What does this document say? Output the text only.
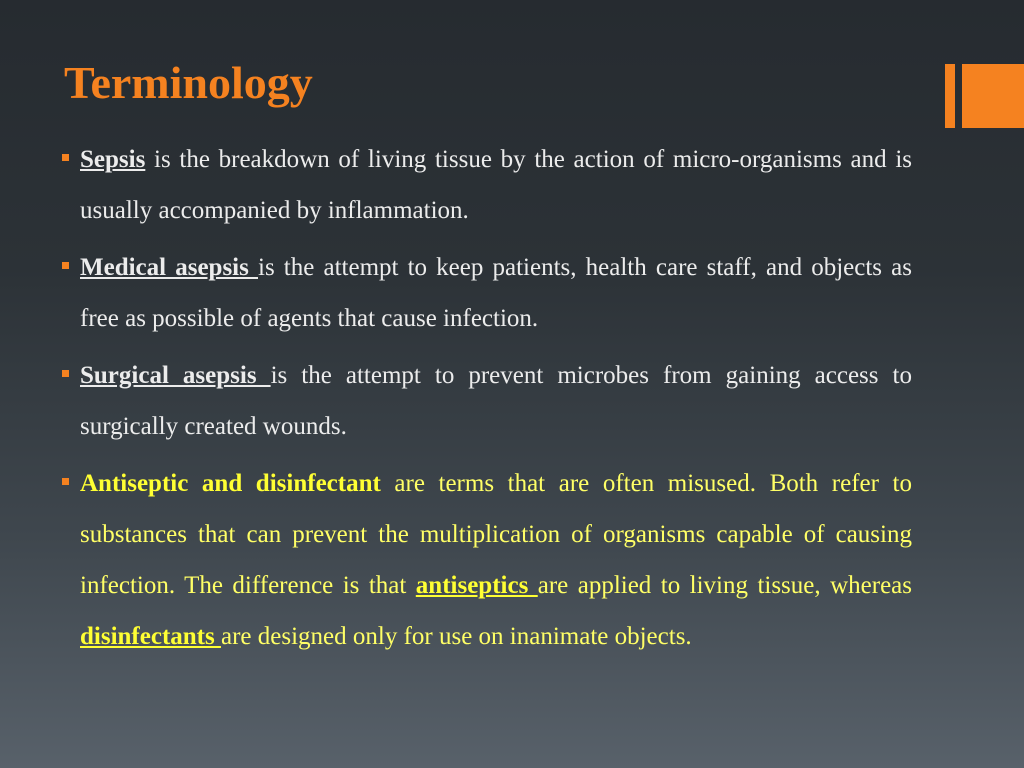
Terminology
Sepsis is the breakdown of living tissue by the action of micro-organisms and is usually accompanied by inflammation.
Medical asepsis is the attempt to keep patients, health care staff, and objects as free as possible of agents that cause infection.
Surgical asepsis is the attempt to prevent microbes from gaining access to surgically created wounds.
Antiseptic and disinfectant are terms that are often misused. Both refer to substances that can prevent the multiplication of organisms capable of causing infection. The difference is that antiseptics are applied to living tissue, whereas disinfectants are designed only for use on inanimate objects.
